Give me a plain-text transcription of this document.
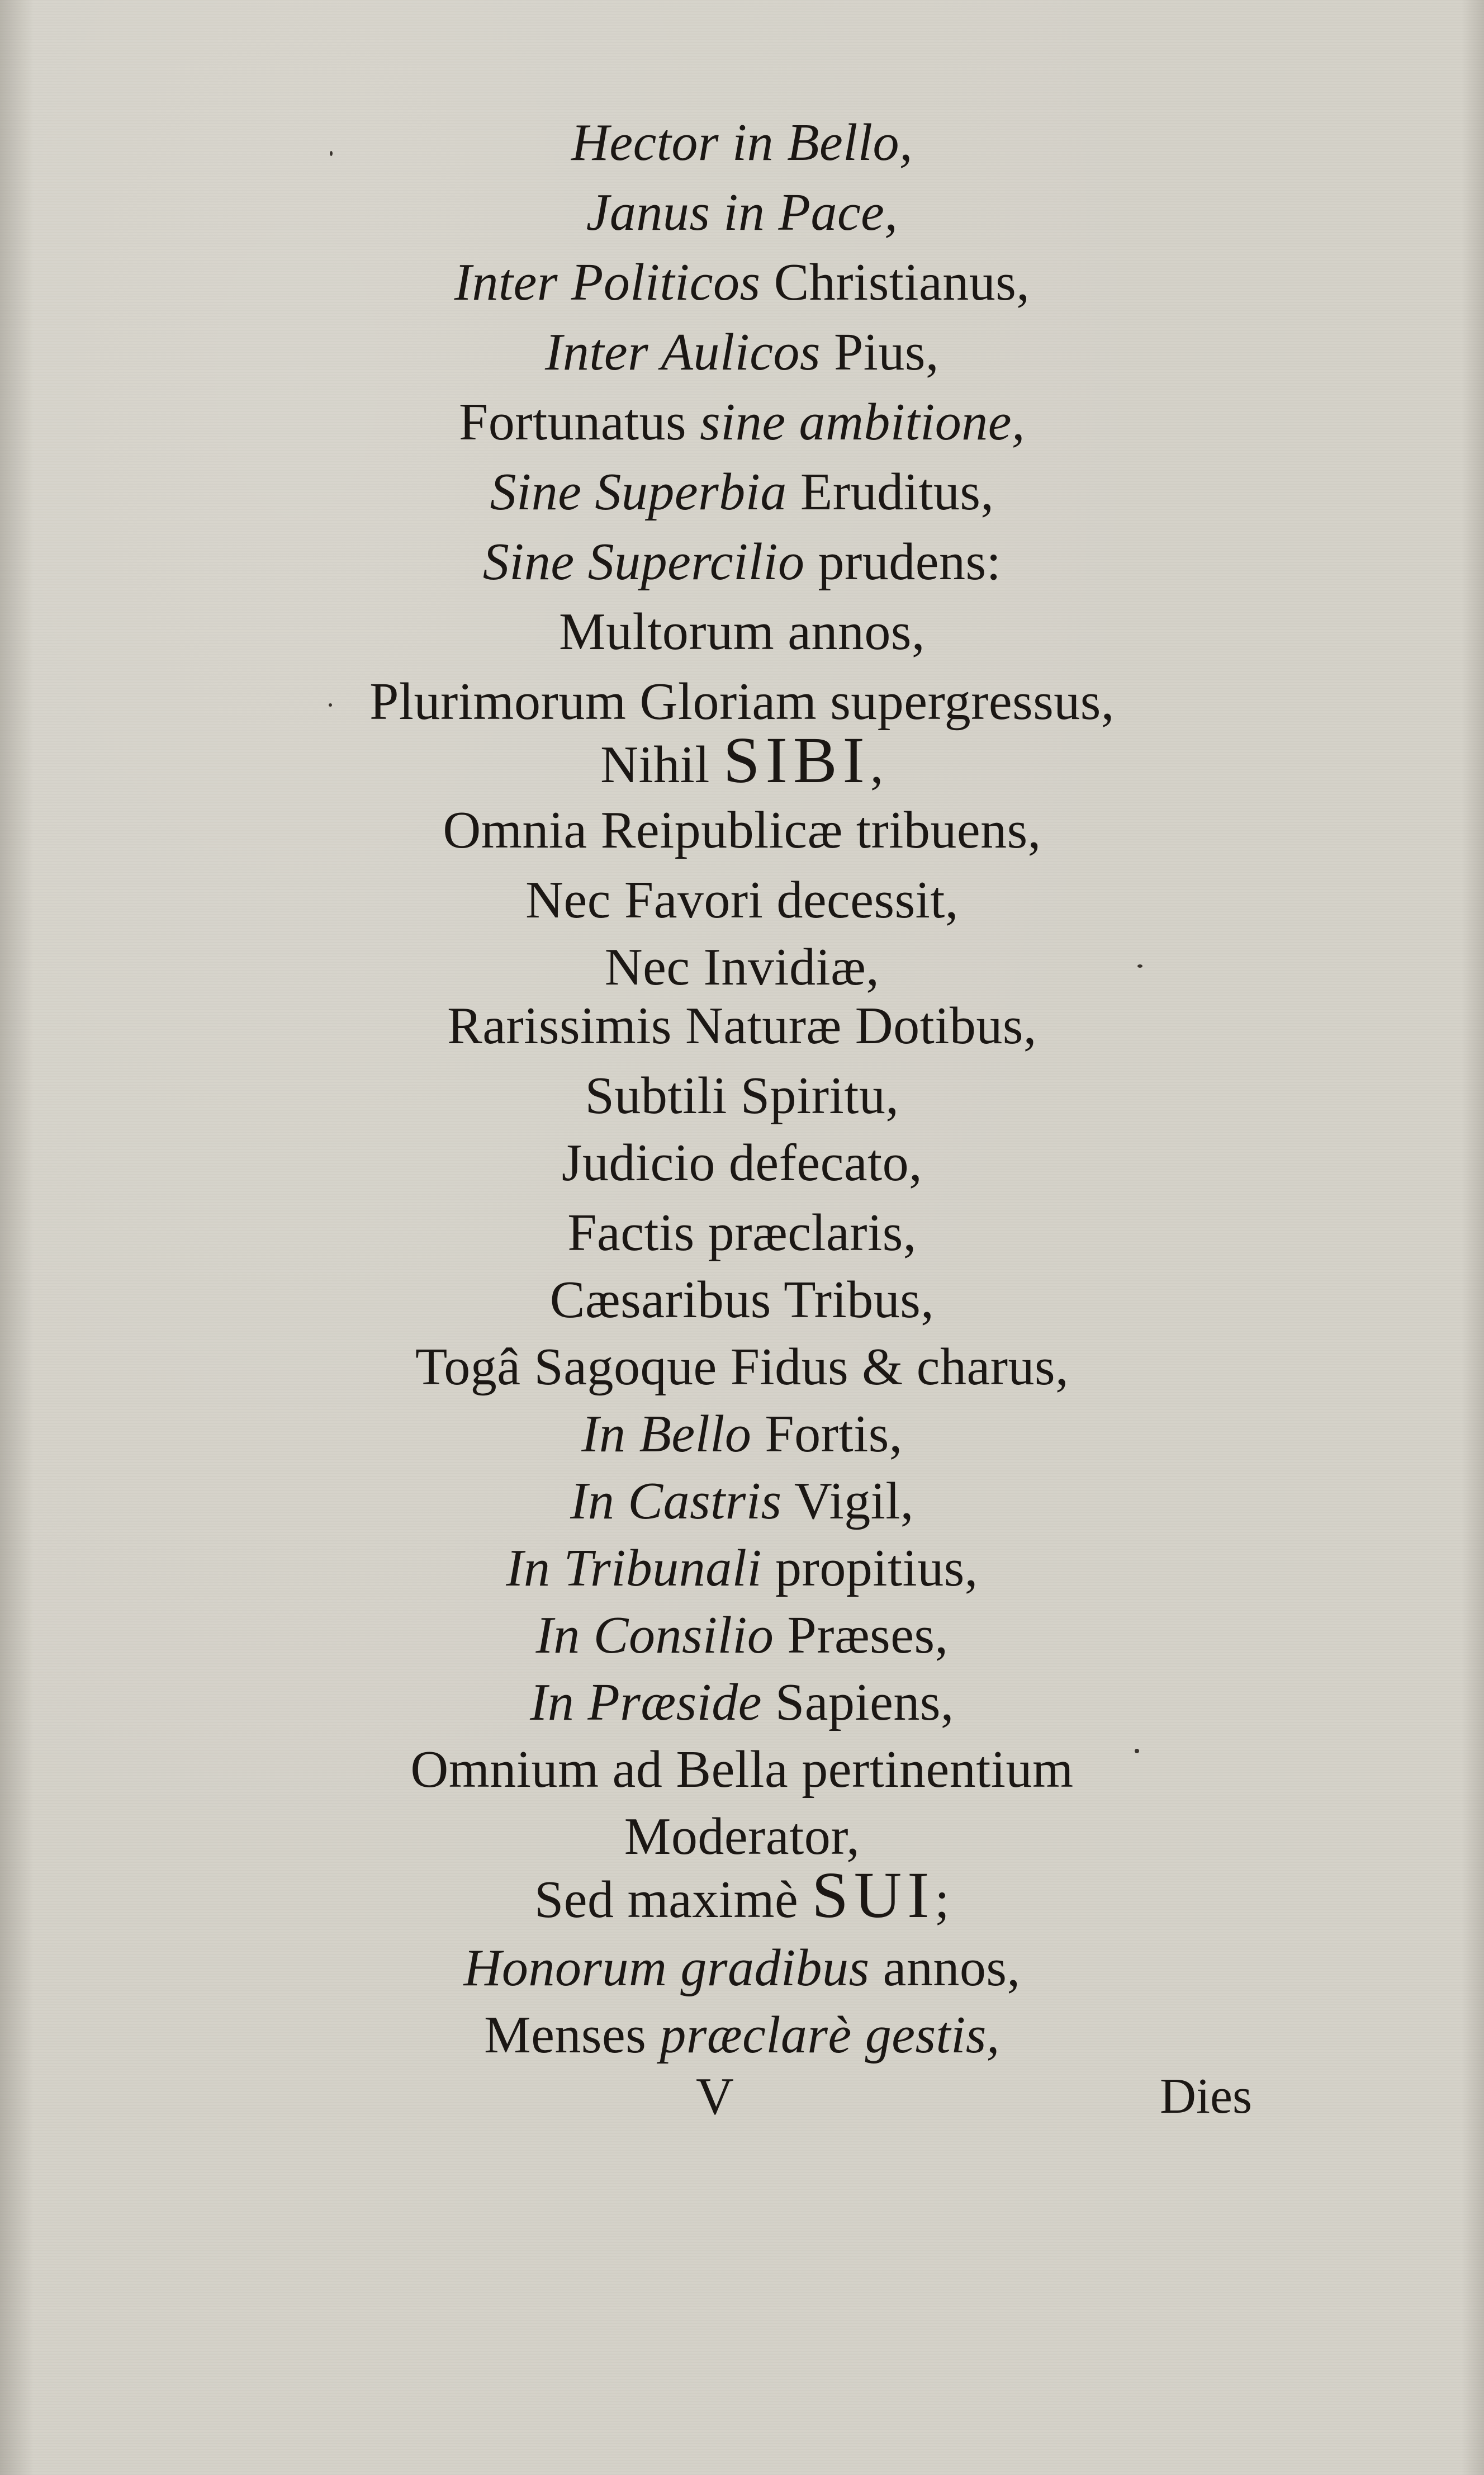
Hector in Bello,
Janus in Pace,
Inter Politicos Christianus,
Inter Aulicos Pius,
Fortunatus sine ambitione,
Sine Superbia Eruditus,
Sine Supercilio prudens:
Multorum annos,
Plurimorum Gloriam supergressus,
Nihil SIBI,
Omnia Reipublicæ tribuens,
Nec Favori decessit,
Nec Invidiæ,
Rarissimis Naturæ Dotibus,
Subtili Spiritu,
Judicio defecato,
Factis præclaris,
Cæsaribus Tribus,
Togâ Sagoque Fidus & charus,
In Bello Fortis,
In Castris Vigil,
In Tribunali propitius,
In Consilio Præses,
In Præside Sapiens,
Omnium ad Bella pertinentium
Moderator,
Sed maximè SUI;
Honorum gradibus annos,
Menses præclarè gestis,
V	Dies
